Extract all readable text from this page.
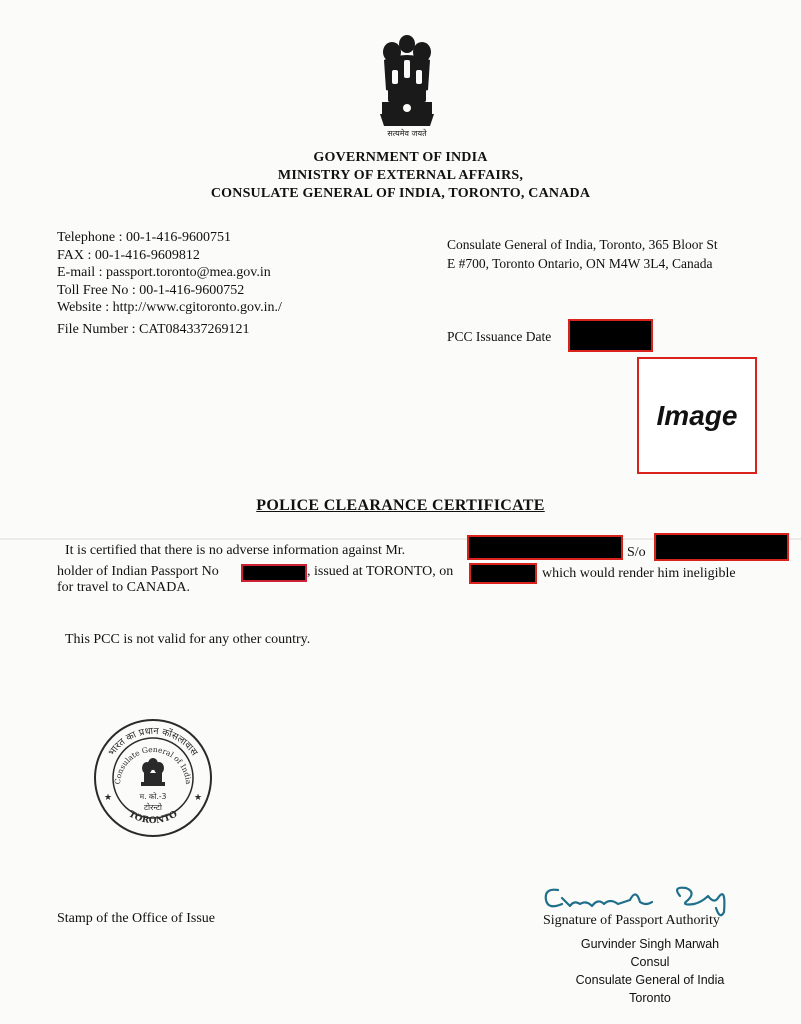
सत्यमेव जयते
GOVERNMENT OF INDIA
MINISTRY OF EXTERNAL AFFAIRS,
CONSULATE GENERAL OF INDIA, TORONTO, CANADA
Telephone : 00-1-416-9600751
FAX : 00-1-416-9609812
E-mail : passport.toronto@mea.gov.in
Toll Free No : 00-1-416-9600752
Website : http://www.cgitoronto.gov.in./
File Number : CAT084337269121
Consulate General of India, Toronto, 365 Bloor St
E #700, Toronto Ontario, ON M4W 3L4, Canada
PCC Issuance Date
Image
POLICE CLEARANCE CERTIFICATE
It is certified that there is no adverse information against Mr.	S/o
holder of Indian Passport No	, issued at TORONTO, on	which would render him ineligible
for travel to CANADA.
This PCC is not valid for any other country.
भारत का प्रधान कोंसलावास
Consulate General of India
TORONTO
म. को.-3
टोरन्टो
★	★
Stamp of the Office of Issue	Signature of Passport Authority
Gurvinder Singh Marwah
Consul
Consulate General of India
Toronto
